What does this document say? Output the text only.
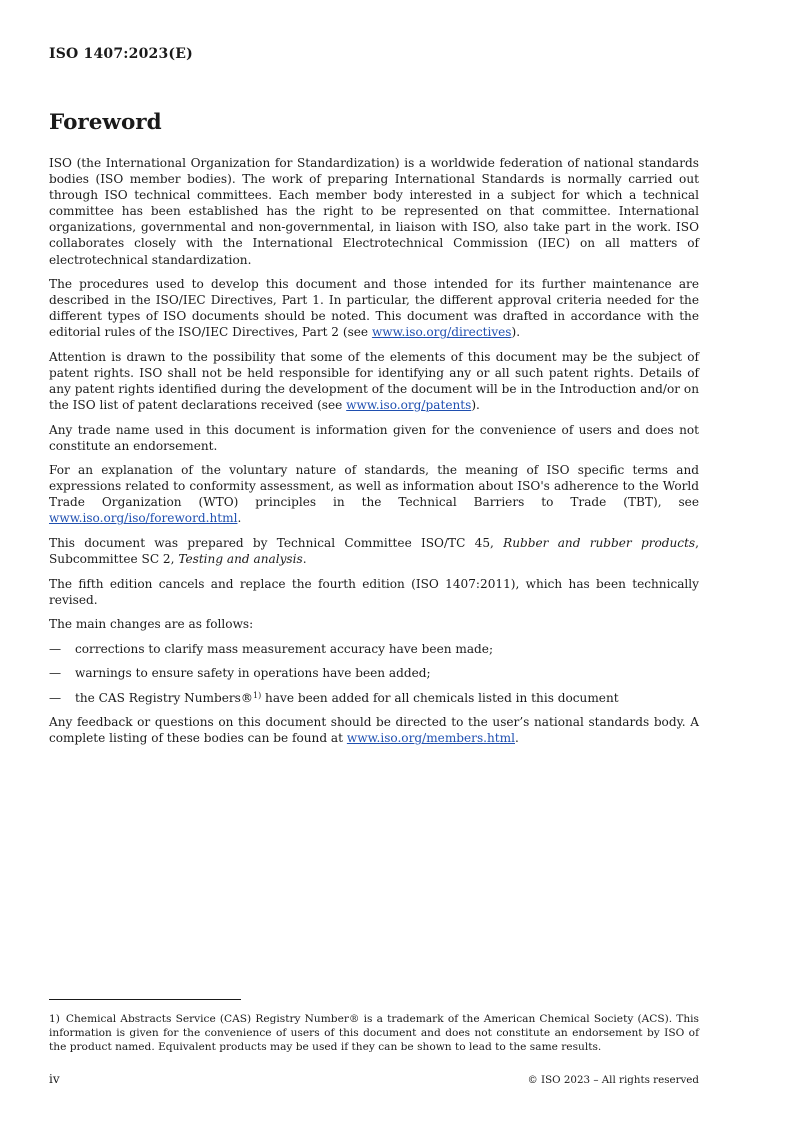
ISO 1407:2023(E)
Foreword

ISO (the International Organization for Standardization) is a worldwide federation of national standards bodies (ISO member bodies). The work of preparing International Standards is normally carried out through ISO technical committees. Each member body interested in a subject for which a technical committee has been established has the right to be represented on that committee. International organizations, governmental and non-governmental, in liaison with ISO, also take part in the work. ISO collaborates closely with the International Electrotechnical Commission (IEC) on all matters of electrotechnical standardization.

The procedures used to develop this document and those intended for its further maintenance are described in the ISO/IEC Directives, Part 1. In particular, the different approval criteria needed for the different types of ISO documents should be noted. This document was drafted in accordance with the editorial rules of the ISO/IEC Directives, Part 2 (see www.iso.org/directives).

Attention is drawn to the possibility that some of the elements of this document may be the subject of patent rights. ISO shall not be held responsible for identifying any or all such patent rights. Details of any patent rights identified during the development of the document will be in the Introduction and/or on the ISO list of patent declarations received (see www.iso.org/patents).

Any trade name used in this document is information given for the convenience of users and does not constitute an endorsement.

For an explanation of the voluntary nature of standards, the meaning of ISO specific terms and expressions related to conformity assessment, as well as information about ISO's adherence to the World Trade Organization (WTO) principles in the Technical Barriers to Trade (TBT), see www.iso.org/iso/foreword.html.

This document was prepared by Technical Committee ISO/TC 45, Rubber and rubber products, Subcommittee SC 2, Testing and analysis.

The fifth edition cancels and replace the fourth edition (ISO 1407:2011), which has been technically revised.

The main changes are as follows:

—	corrections to clarify mass measurement accuracy have been made;
—	warnings to ensure safety in operations have been added;
—	the CAS Registry Numbers®$^{1)}$ have been added for all chemicals listed in this document

Any feedback or questions on this document should be directed to the user’s national standards body. A complete listing of these bodies can be found at www.iso.org/members.html.

1) Chemical Abstracts Service (CAS) Registry Number® is a trademark of the American Chemical Society (ACS). This information is given for the convenience of users of this document and does not constitute an endorsement by ISO of the product named. Equivalent products may be used if they can be shown to lead to the same results.
iv	© ISO 2023 – All rights reserved
